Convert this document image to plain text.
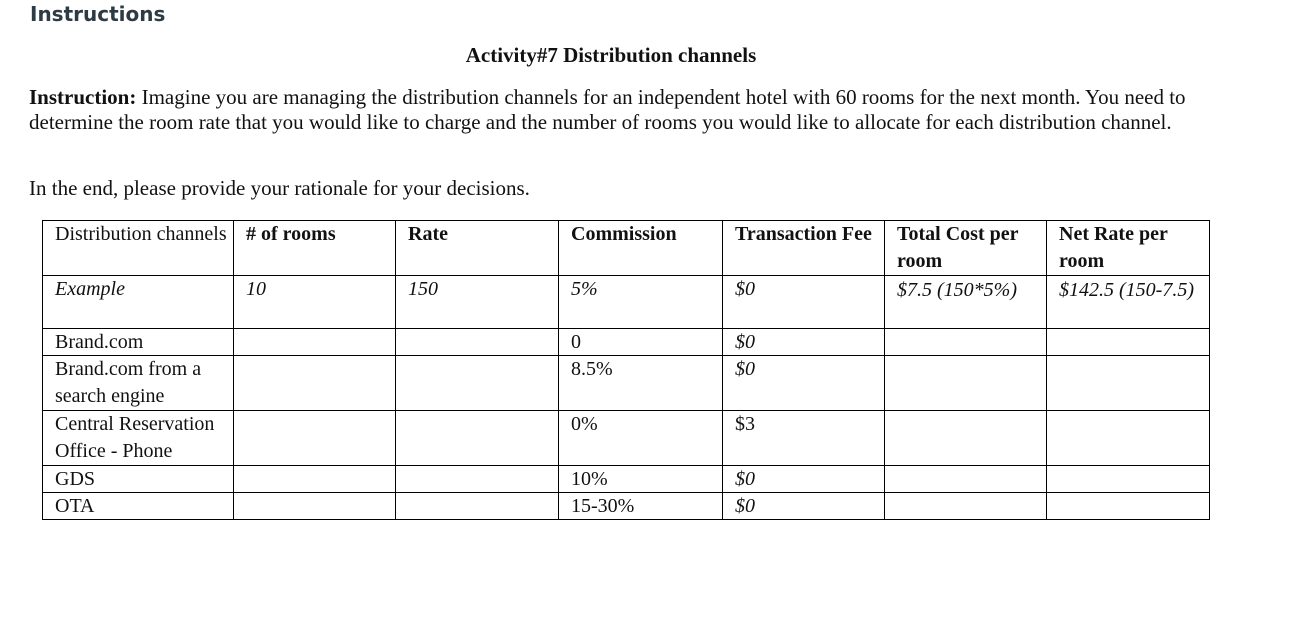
Instructions
Activity#7 Distribution channels
Instruction: Imagine you are managing the distribution channels for an independent hotel with 60 rooms for the next month. You need to determine the room rate that you would like to charge and the number of rooms you would like to allocate for each distribution channel.
In the end, please provide your rationale for your decisions.
Distribution channels	# of rooms	Rate	Commission	Transaction Fee	Total Cost per room	Net Rate per room
Example	10	150	5%	$0	$7.5 (150*5%)	$142.5 (150-7.5)

Brand.com			0	$0		
Brand.com from a search engine			8.5%	$0		
Central Reservation Office - Phone			0%	$3		
GDS			10%	$0		
OTA			15-30%	$0		
